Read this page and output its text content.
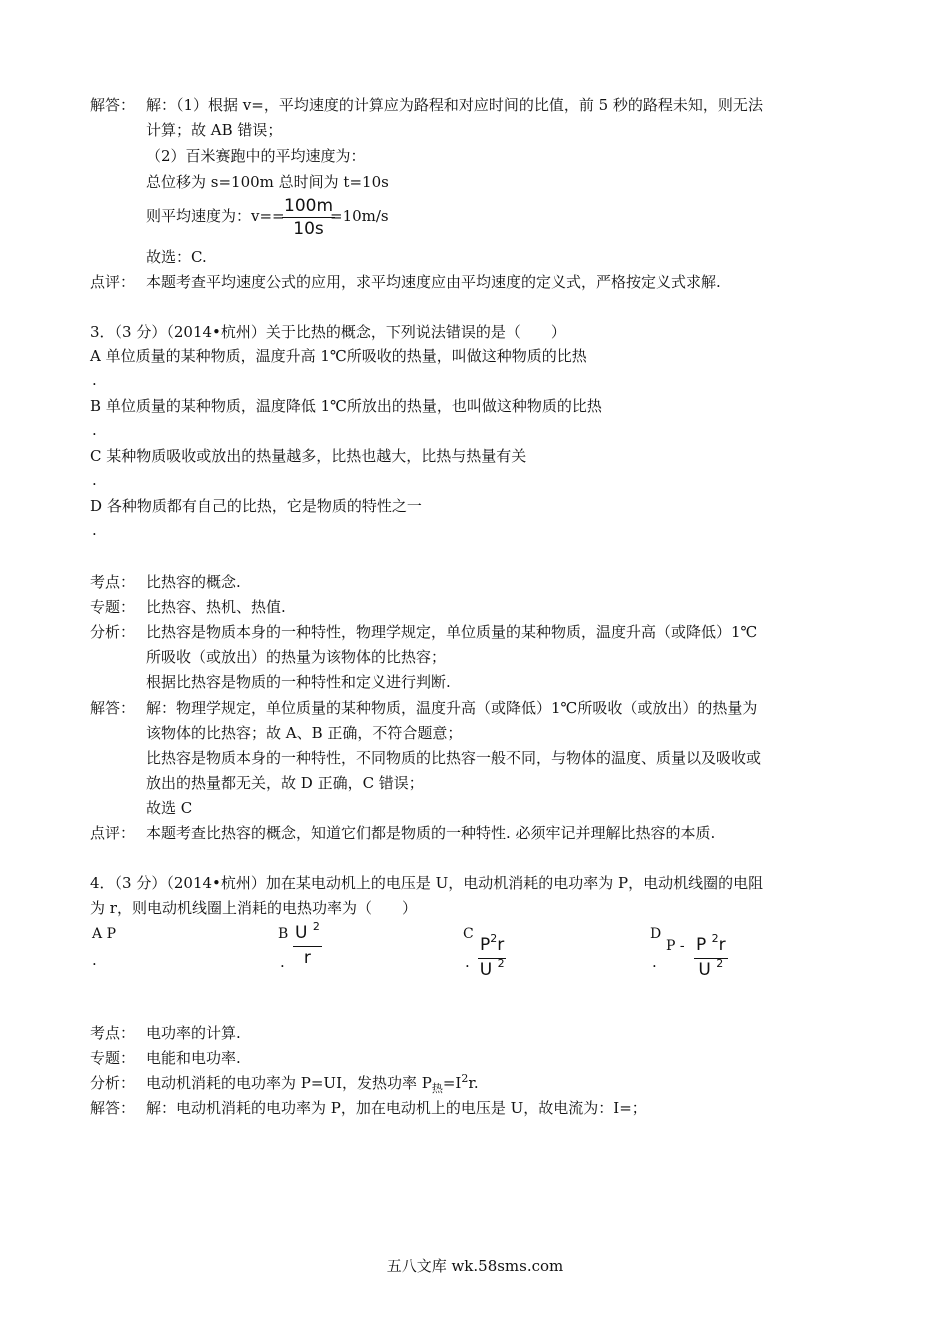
解答： 解：（1）根据 v=，平均速度的计算应为路程和对应时间的比值，前 5 秒的路程未知，则无法
计算；故 AB 错误；
（2）百米赛跑中的平均速度为：
总位移为 s=100m 总时间为 t=10s
则平均速度为：v==
$\frac{100m}{10s}$
=10m/s
故选：C.
点评： 本题考查平均速度公式的应用，求平均速度应由平均速度的定义式，严格按定义式求解.
3．（3 分）（2014•杭州）关于比热的概念，下列说法错误的是（　　）
A 单位质量的某种物质，温度升高 1℃所吸收的热量，叫做这种物质的比热
.
B 单位质量的某种物质，温度降低 1℃所放出的热量，也叫做这种物质的比热
.
C 某种物质吸收或放出的热量越多，比热也越大，比热与热量有关
.
D 各种物质都有自己的比热，它是物质的特性之一
.
考点： 比热容的概念.
专题： 比热容、热机、热值.
分析： 比热容是物质本身的一种特性，物理学规定，单位质量的某种物质，温度升高（或降低）1℃
所吸收（或放出）的热量为该物体的比热容；
根据比热容是物质的一种特性和定义进行判断.
解答： 解：物理学规定，单位质量的某种物质，温度升高（或降低）1℃所吸收（或放出）的热量为
该物体的比热容；故 A、B 正确，不符合题意；
比热容是物质本身的一种特性，不同物质的比热容一般不同，与物体的温度、质量以及吸收或
放出的热量都无关，故 D 正确，C 错误；
故选 C
点评： 本题考查比热容的概念，知道它们都是物质的一种特性. 必须牢记并理解比热容的本质.
4．（3 分）（2014•杭州）加在某电动机上的电压是 U，电动机消耗的电功率为 P，电动机线圈的电阻
为 r，则电动机线圈上消耗的电热功率为（　　）
A P
.
B
. $\frac{U ^2}{r}$	C
. $\frac{P^2r}{U ^2}$	D
.
P - $\frac{P ^2r}{U ^2}$
考点： 电功率的计算.
专题： 电能和电功率.
分析： 电动机消耗的电功率为 P=UI，发热功率 $P_热=I^2r$.
解答： 解：电动机消耗的电功率为 P，加在电动机上的电压是 U，故电流为：I=；
五八文库 wk.58sms.com
